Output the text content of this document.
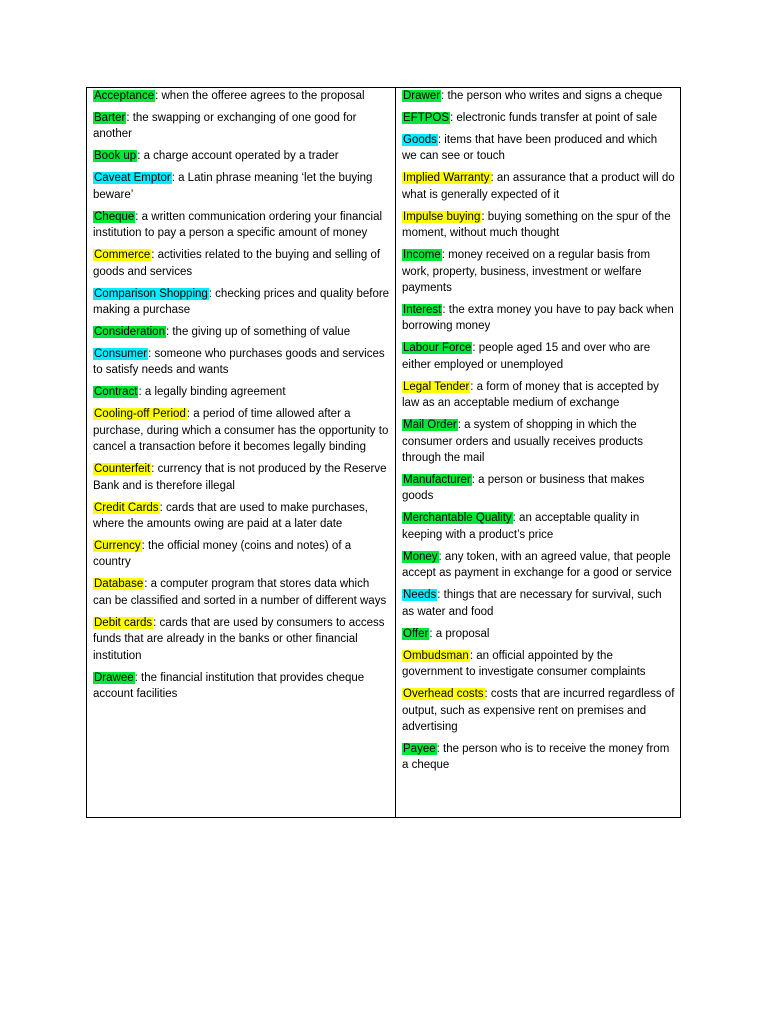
Acceptance: when the offeree agrees to the proposal
Barter: the swapping or exchanging of one good for another
Book up: a charge account operated by a trader
Caveat Emptor: a Latin phrase meaning ‘let the buying beware’
Cheque: a written communication ordering your financial institution to pay a person a specific amount of money
Commerce: activities related to the buying and selling of goods and services
Comparison Shopping: checking prices and quality before making a purchase
Consideration: the giving up of something of value
Consumer: someone who purchases goods and services to satisfy needs and wants
Contract: a legally binding agreement
Cooling-off Period: a period of time allowed after a purchase, during which a consumer has the opportunity to cancel a transaction before it becomes legally binding
Counterfeit: currency that is not produced by the Reserve Bank and is therefore illegal
Credit Cards: cards that are used to make purchases, where the amounts owing are paid at a later date
Currency: the official money (coins and notes) of a country
Database: a computer program that stores data which can be classified and sorted in a number of different ways
Debit cards: cards that are used by consumers to access funds that are already in the banks or other financial institution
Drawee: the financial institution that provides cheque account facilities

Drawer: the person who writes and signs a cheque
EFTPOS: electronic funds transfer at point of sale
Goods: items that have been produced and which we can see or touch
Implied Warranty: an assurance that a product will do what is generally expected of it
Impulse buying: buying something on the spur of the moment, without much thought
Income: money received on a regular basis from work, property, business, investment or welfare payments
Interest: the extra money you have to pay back when borrowing money
Labour Force: people aged 15 and over who are either employed or unemployed
Legal Tender: a form of money that is accepted by law as an acceptable medium of exchange
Mail Order: a system of shopping in which the consumer orders and usually receives products through the mail
Manufacturer: a person or business that makes goods
Merchantable Quality: an acceptable quality in keeping with a product’s price
Money: any token, with an agreed value, that people accept as payment in exchange for a good or service
Needs: things that are necessary for survival, such as water and food
Offer: a proposal
Ombudsman: an official appointed by the government to investigate consumer complaints
Overhead costs: costs that are incurred regardless of output, such as expensive rent on premises and advertising
Payee: the person who is to receive the money from a cheque
